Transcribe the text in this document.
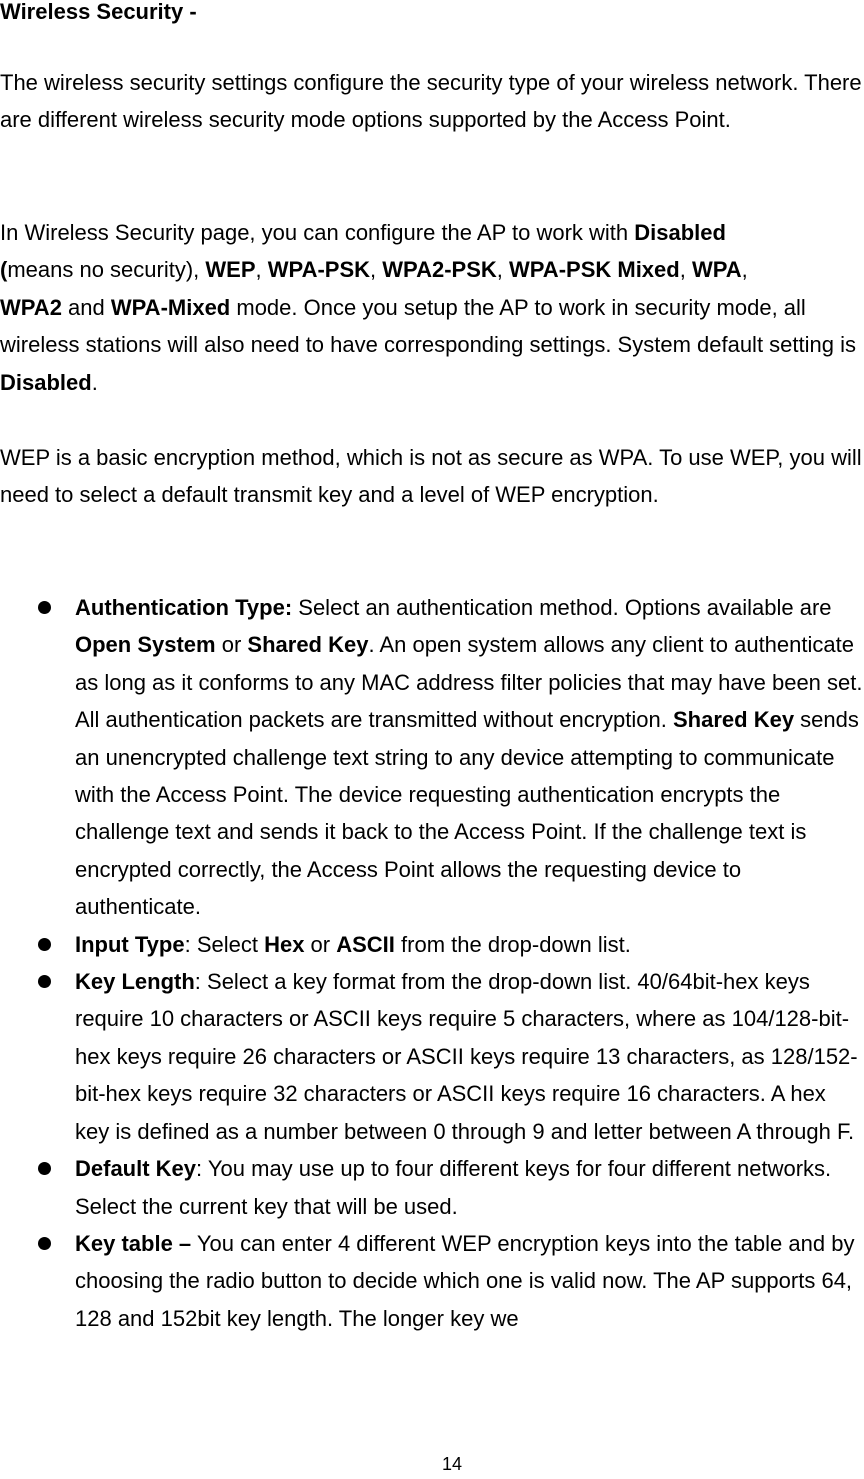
Wireless Security -
The wireless security settings configure the security type of your wireless network. There are different wireless security mode options supported by the Access Point.
In Wireless Security page, you can configure the AP to work with Disabled
(means no security), WEP, WPA-PSK, WPA2-PSK, WPA-PSK Mixed, WPA,
WPA2 and WPA-Mixed mode. Once you setup the AP to work in security mode, all wireless stations will also need to have corresponding settings. System default setting is Disabled.
WEP is a basic encryption method, which is not as secure as WPA. To use WEP, you will need to select a default transmit key and a level of WEP encryption.
Authentication Type: Select an authentication method. Options available are Open System or Shared Key. An open system allows any client to authenticate as long as it conforms to any MAC address filter policies that may have been set. All authentication packets are transmitted without encryption. Shared Key sends an unencrypted challenge text string to any device attempting to communicate with the Access Point. The device requesting authentication encrypts the challenge text and sends it back to the Access Point. If the challenge text is encrypted correctly, the Access Point allows the requesting device to authenticate.
Input Type: Select Hex or ASCII from the drop-down list.
Key Length: Select a key format from the drop-down list. 40/64bit-hex keys require 10 characters or ASCII keys require 5 characters, where as 104/128-bit-hex keys require 26 characters or ASCII keys require 13 characters, as 128/152-bit-hex keys require 32 characters or ASCII keys require 16 characters. A hex key is defined as a number between 0 through 9 and letter between A through F.
Default Key: You may use up to four different keys for four different networks. Select the current key that will be used.
Key table – You can enter 4 different WEP encryption keys into the table and by choosing the radio button to decide which one is valid now. The AP supports 64, 128 and 152bit key length. The longer key we
14
